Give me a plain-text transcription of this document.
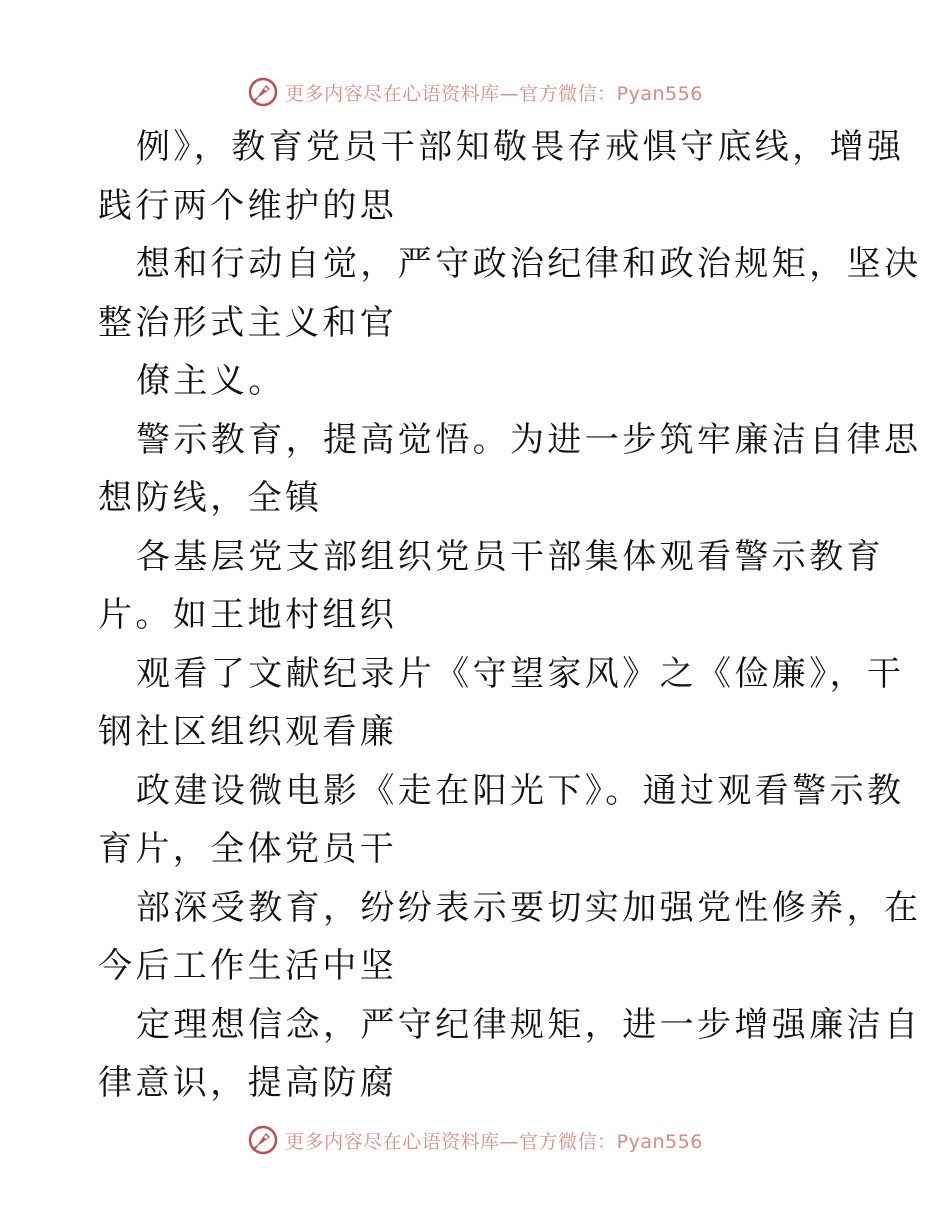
更多内容尽在心语资料库—官方微信：Pyan556
例》，教育党员干部知敬畏存戒惧守底线，增强
践行两个维护的思
想和行动自觉，严守政治纪律和政治规矩，坚决
整治形式主义和官
僚主义。
警示教育，提高觉悟。为进一步筑牢廉洁自律思
想防线，全镇
各基层党支部组织党员干部集体观看警示教育
片。如王地村组织
观看了文献纪录片《守望家风》之《俭廉》，干
钢社区组织观看廉
政建设微电影《走在阳光下》。通过观看警示教
育片，全体党员干
部深受教育，纷纷表示要切实加强党性修养，在
今后工作生活中坚
定理想信念，严守纪律规矩，进一步增强廉洁自
律意识，提高防腐
更多内容尽在心语资料库—官方微信：Pyan556
